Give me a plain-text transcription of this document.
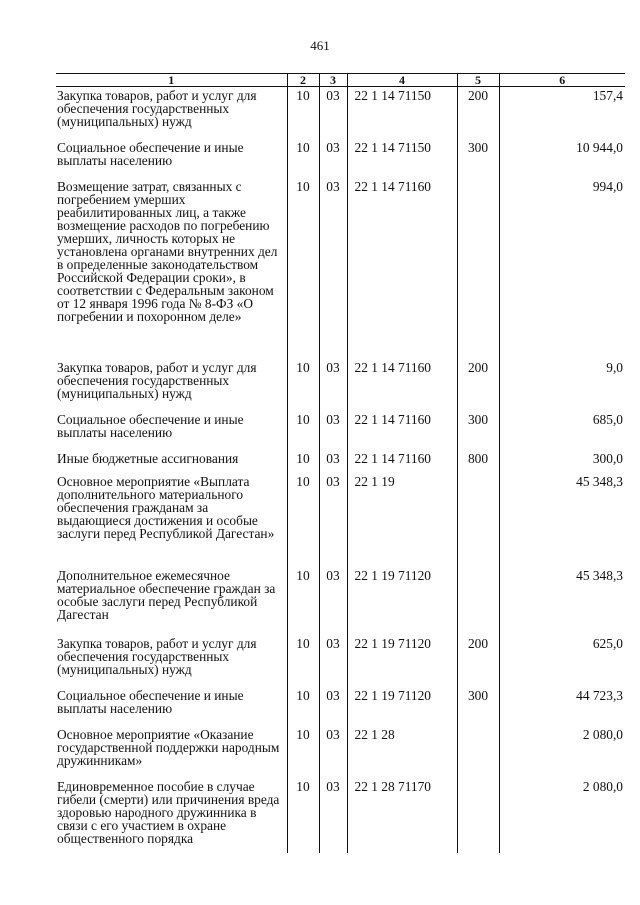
461
1	2	3	4	5	6
Закупка товаров, работ и услуг для обеспечения государственных (муниципальных) нужд	10	03	22 1 14 71150	200	157,4
Социальное обеспечение и иные выплаты населению	10	03	22 1 14 71150	300	10 944,0
Возмещение затрат, связанных с погребением умерших реабилитированных лиц, а также возмещение расходов по погребению умерших, личность которых не установлена органами внутренних дел в определенные законодательством Российской Федерации сроки», в соответствии с Федеральным законом от 12 января 1996 года № 8-ФЗ «О погребении и похоронном деле»	10	03	22 1 14 71160		994,0
Закупка товаров, работ и услуг для обеспечения государственных (муниципальных) нужд	10	03	22 1 14 71160	200	9,0
Социальное обеспечение и иные выплаты населению	10	03	22 1 14 71160	300	685,0
Иные бюджетные ассигнования	10	03	22 1 14 71160	800	300,0
Основное мероприятие «Выплата дополнительного материального обеспечения гражданам за выдающиеся достижения и особые заслуги перед Республикой Дагестан»	10	03	22 1 19		45 348,3
Дополнительное ежемесячное материальное обеспечение граждан за особые заслуги перед Республикой Дагестан	10	03	22 1 19 71120		45 348,3
Закупка товаров, работ и услуг для обеспечения государственных (муниципальных) нужд	10	03	22 1 19 71120	200	625,0
Социальное обеспечение и иные выплаты населению	10	03	22 1 19 71120	300	44 723,3
Основное мероприятие «Оказание государственной поддержки народным дружинникам»	10	03	22 1 28		2 080,0
Единовременное пособие в случае гибели (смерти) или причинения вреда здоровью народного дружинника в связи с его участием в охране общественного порядка	10	03	22 1 28 71170		2 080,0
